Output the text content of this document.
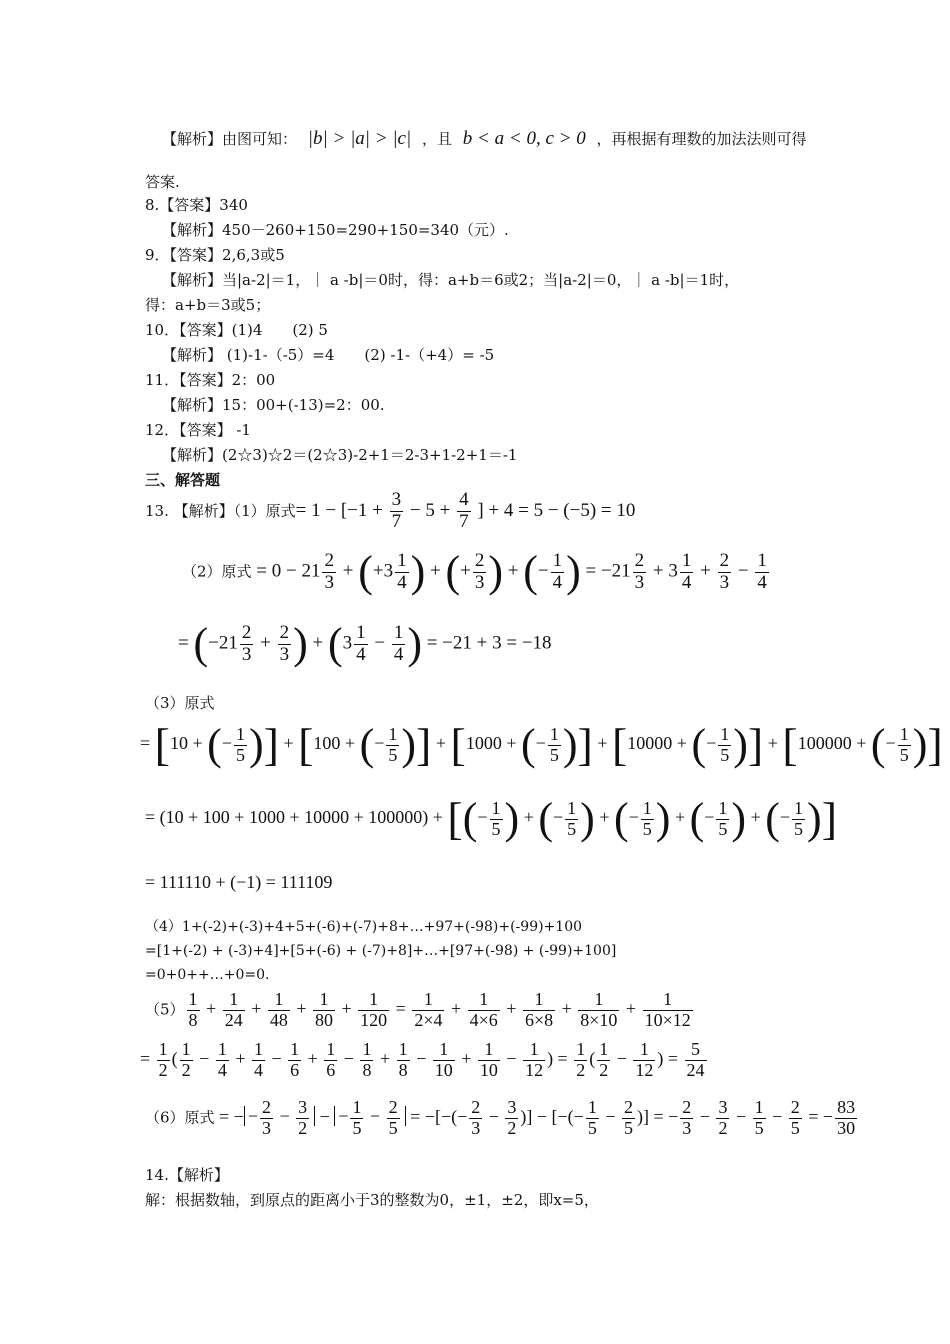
【解析】由图可知： |b| > |a| > |c| ，且 b < a < 0, c > 0 ，再根据有理数的加法法则可得
答案.
8.【答案】340
【解析】450－260+150=290+150=340（元）.
9．【答案】2,6,3或5
【解析】当|a-2|＝1，｜ a -b|＝0时，得：a+b＝6或2；当|a-2|＝0，｜ a -b|＝1时，
得：a+b＝3或5；
10．【答案】(1)4　　(2) 5
【解析】 (1)-1-（-5）=4　　(2) -1-（+4）= -5
11．【答案】2：00
【解析】15：00+(-13)=2：00.
12．【答案】 -1
【解析】(2☆3)☆2＝(2☆3)-2+1＝2-3+1-2+1＝-1
三、解答题
13. 【解析】（1）原式= $1 - [-1 + \frac{3}{7} - 5 + \frac{4}{7}$ ] + 4 = 5 − (−5) = 10
（2）原式 = $0 - 21 \frac{2}{3} + (+3 \frac{1}{4}$ ) + (+ $\frac{2}{3}$ ) + (− $\frac{1}{4}$ ) = $-21 \frac{2}{3} + 3 \frac{1}{4} + \frac{2}{3} - \frac{1}{4}$
= ($-21 \frac{2}{3} + \frac{2}{3}$ ) + ($3 \frac{1}{4} - \frac{1}{4}$ ) = −21 + 3 = −18
（3）原式
= [10 + (− $\frac{1}{5}$ )] + [100 + (− $\frac{1}{5}$ )] + [1000 + (− $\frac{1}{5}$ )] + [10000 + (− $\frac{1}{5}$ )] + [100000 + (− $\frac{1}{5}$ )]
= (10 + 100 + 1000 + 10000 + 100000) + [(− $\frac{1}{5}$ ) + (− $\frac{1}{5}$ ) + (− $\frac{1}{5}$ ) + (− $\frac{1}{5}$ ) + (− $\frac{1}{5}$ )]
= 111110 + (−1) = 111109
（4）1+(-2)+(-3)+4+5+(-6)+(-7)+8+…+97+(-98)+(-99)+100
=[1+(-2) + (-3)+4]+[5+(-6) + (-7)+8]+…+[97+(-98) + (-99)+100]
=0+0++…+0=0.
$(5) \frac{1}{8} + \frac{1}{24} + \frac{1}{48} + \frac{1}{80} + \frac{1}{120} = \frac{1}{2\times 4} + \frac{1}{4\times 6} + \frac{1}{6\times 8} + \frac{1}{8\times 10} + \frac{1}{10\times 12}$
= $\frac{1}{2}$ ( $\frac{1}{2} - \frac{1}{4} + \frac{1}{4} - \frac{1}{6} + \frac{1}{6} - \frac{1}{8} + \frac{1}{8} - \frac{1}{10} + \frac{1}{10} - \frac{1}{12}$ ) = $\frac{1}{2}$ ( $\frac{1}{2} - \frac{1}{12}$ ) = $\frac{5}{24}$
（6）原式 = − − $\frac{2}{3} - \frac{3}{2}$ − − $\frac{1}{5} - \frac{2}{5}$ = −[−(− $\frac{2}{3} - \frac{3}{2}$ )] − [−(− $\frac{1}{5} - \frac{2}{5}$ )] = − $\frac{2}{3} - \frac{3}{2} - \frac{1}{5} - \frac{2}{5}$ = − $\frac{83}{30}$
14.【解析】
解：根据数轴，到原点的距离小于3的整数为0，±1，±2，即x=5，
